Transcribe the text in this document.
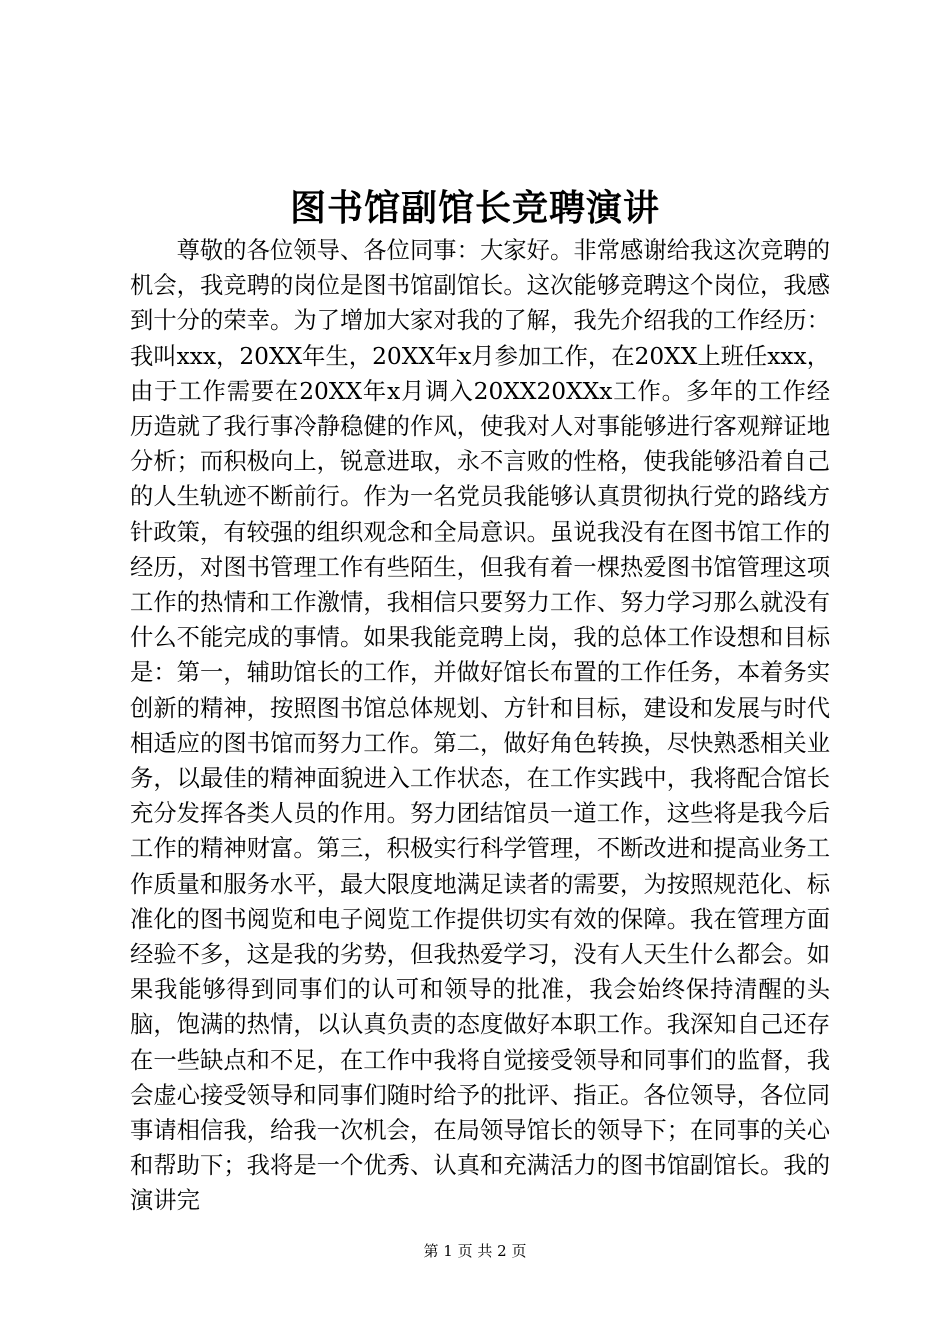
图书馆副馆长竞聘演讲

尊敬的各位领导、各位同事：大家好。非常感谢给我这次竞聘的机会，我竞聘的岗位是图书馆副馆长。这次能够竞聘这个岗位，我感到十分的荣幸。为了增加大家对我的了解，我先介绍我的工作经历：我叫xxx，20XX年生，20XX年x月参加工作，在20XX上班任xxx，由于工作需要在20XX年x月调入20XX20XXx工作。多年的工作经历造就了我行事冷静稳健的作风，使我对人对事能够进行客观辩证地分析；而积极向上，锐意进取，永不言败的性格，使我能够沿着自己的人生轨迹不断前行。作为一名党员我能够认真贯彻执行党的路线方针政策，有较强的组织观念和全局意识。虽说我没有在图书馆工作的经历，对图书管理工作有些陌生，但我有着一棵热爱图书馆管理这项工作的热情和工作激情，我相信只要努力工作、努力学习那么就没有什么不能完成的事情。如果我能竞聘上岗，我的总体工作设想和目标是：第一，辅助馆长的工作，并做好馆长布置的工作任务，本着务实创新的精神，按照图书馆总体规划、方针和目标，建设和发展与时代相适应的图书馆而努力工作。第二，做好角色转换，尽快熟悉相关业务，以最佳的精神面貌进入工作状态，在工作实践中，我将配合馆长充分发挥各类人员的作用。努力团结馆员一道工作，这些将是我今后工作的精神财富。第三，积极实行科学管理，不断改进和提高业务工作质量和服务水平，最大限度地满足读者的需要，为按照规范化、标准化的图书阅览和电子阅览工作提供切实有效的保障。我在管理方面经验不多，这是我的劣势，但我热爱学习，没有人天生什么都会。如果我能够得到同事们的认可和领导的批准，我会始终保持清醒的头脑，饱满的热情，以认真负责的态度做好本职工作。我深知自己还存在一些缺点和不足，在工作中我将自觉接受领导和同事们的监督，我会虚心接受领导和同事们随时给予的批评、指正。各位领导，各位同事请相信我，给我一次机会，在局领导馆长的领导下；在同事的关心和帮助下；我将是一个优秀、认真和充满活力的图书馆副馆长。我的演讲完

第 1 页 共 2 页
